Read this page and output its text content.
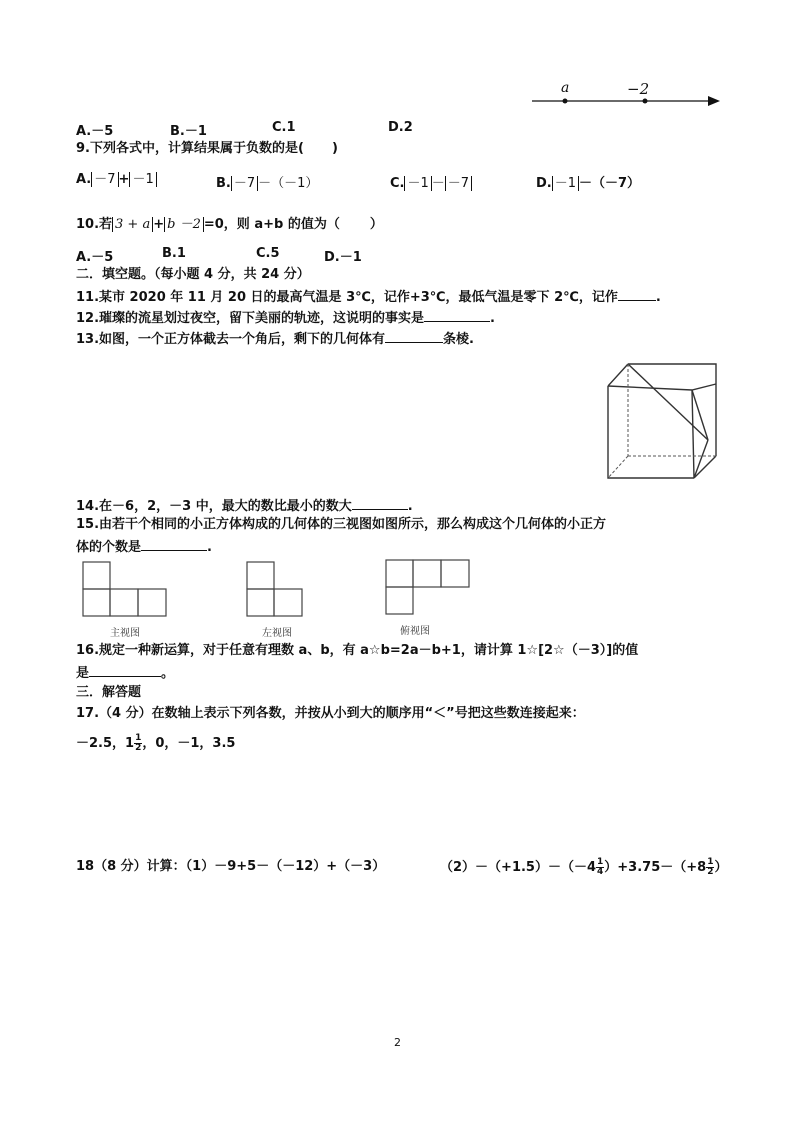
a	−2
A.－5	B.－1	C.1	D.2
9.下列各式中，计算结果属于负数的是( )
A. －7 + －1	B. －7 －（－1）	C. －1 － －7	D. －1 －（－7）
10.若 3 + a + b －2 =0，则 a+b 的值为（ ）
A.－5	B.1	C.5	D.－1
二．填空题。（每小题 4 分，共 24 分）
11.某市 2020 年 11 月 20 日的最高气温是 3℃，记作+3℃，最低气温是零下 2℃，记作	.
12.璀璨的流星划过夜空，留下美丽的轨迹，这说明的事实是	.
13.如图，一个正方体截去一个角后，剩下的几何体有	条棱.
14.在－6，2，－3 中，最大的数比最小的数大	.
15.由若干个相同的小正方体构成的几何体的三视图如图所示，那么构成这个几何体的小正方
体的个数是	.
主视图	左视图	俯视图
16.规定一种新运算，对于任意有理数 a、b，有 a☆b=2a－b+1，请计算 1☆[2☆（－3）]的值
是	。
三．解答题
17.（4 分）在数轴上表示下列各数，并按从小到大的顺序用“＜”号把这些数连接起来：
－2.5，$1 \frac{1}{2}$ ，0，－1，3.5
18（8 分）计算：（1）－9+5－（－12）+（－3）	$(2)-(+1.5)-(-4 \frac{1}{4} )+3.75-(+8 \frac{1}{2}$ ）
2
